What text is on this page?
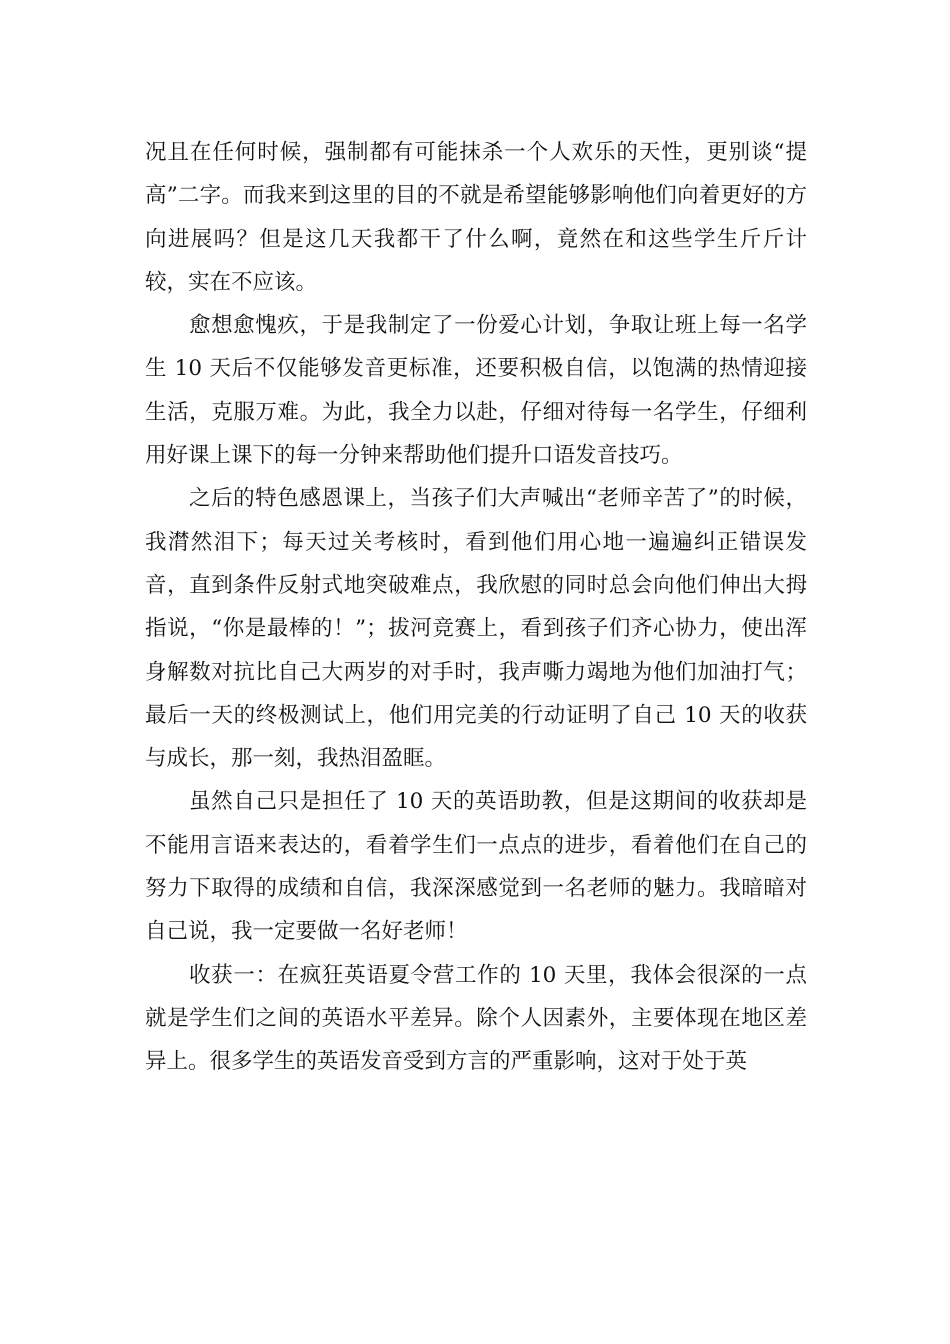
况且在任何时候，强制都有可能抹杀一个人欢乐的天性，更别谈“提高”二字。而我来到这里的目的不就是希望能够影响他们向着更好的方向进展吗？但是这几天我都干了什么啊，竟然在和这些学生斤斤计较，实在不应该。

愈想愈愧疚，于是我制定了一份爱心计划，争取让班上每一名学生 10 天后不仅能够发音更标准，还要积极自信，以饱满的热情迎接生活，克服万难。为此，我全力以赴，仔细对待每一名学生，仔细利用好课上课下的每一分钟来帮助他们提升口语发音技巧。

之后的特色感恩课上，当孩子们大声喊出“老师辛苦了”的时候，我潸然泪下；每天过关考核时，看到他们用心地一遍遍纠正错误发音，直到条件反射式地突破难点，我欣慰的同时总会向他们伸出大拇指说，“你是最棒的！”；拔河竞赛上，看到孩子们齐心协力，使出浑身解数对抗比自己大两岁的对手时，我声嘶力竭地为他们加油打气；最后一天的终极测试上，他们用完美的行动证明了自己 10 天的收获与成长，那一刻，我热泪盈眶。

虽然自己只是担任了 10 天的英语助教，但是这期间的收获却是不能用言语来表达的，看着学生们一点点的进步，看着他们在自己的努力下取得的成绩和自信，我深深感觉到一名老师的魅力。我暗暗对自己说，我一定要做一名好老师！

收获一：在疯狂英语夏令营工作的 10 天里，我体会很深的一点就是学生们之间的英语水平差异。除个人因素外，主要体现在地区差异上。很多学生的英语发音受到方言的严重影响，这对于处于英
